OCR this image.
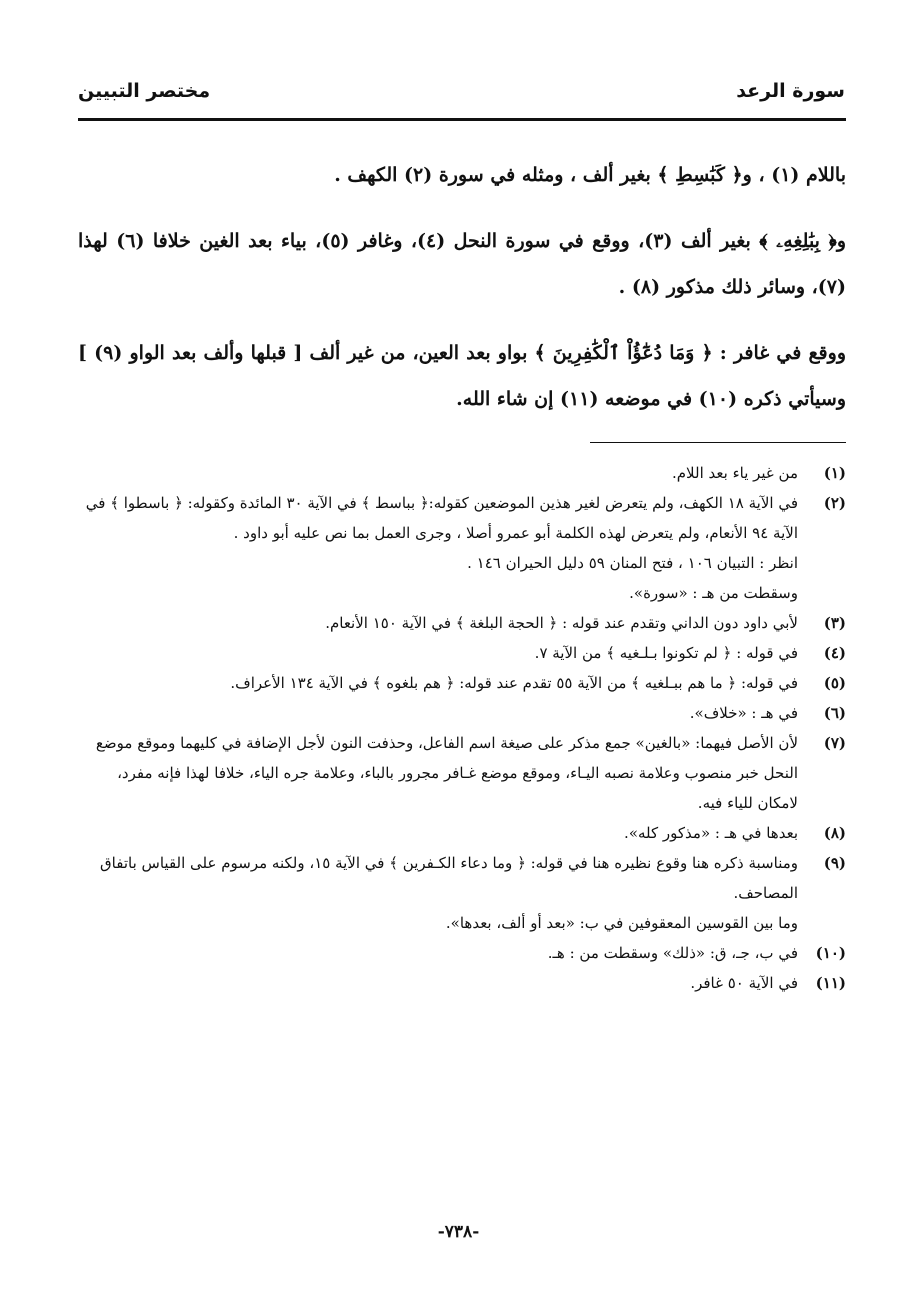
سورة الرعد
مختصر التبيين

باللام (١) ، و﴿ كَبَٰسِطِ ﴾ بغير ألف ، ومثله في سورة (٢) الكهف .

و﴿ بِبَٰلِغِهِۦ ﴾ بغير ألف (٣)، ووقع في سورة النحل (٤)، وغافر (٥)، بياء بعد الغين خلافا (٦) لهذا (٧)، وسائر ذلك مذكور (٨) .

ووقع في غافر : ﴿ وَمَا دُعَٰٓؤُاْ ٱلْكَٰفِرِينَ ﴾ بواو بعد العين، من غير ألف [ قبلها وألف بعد الواو (٩) ] وسيأتي ذكره (١٠) في موضعه (١١) إن شاء الله.

(١)
من غير ياء بعد اللام.
(٢)
في الآية ١٨ الكهف، ولم يتعرض لغير هذين الموضعين كقوله:﴿ بباسط ﴾ في الآية ٣٠ المائدة وكقوله: ﴿ باسطوا ﴾ في الآية ٩٤ الأنعام، ولم يتعرض لهذه الكلمة أبو عمرو أصلا ، وجرى العمل بما نص عليه أبو داود .
انظر : التبيان ١٠٦ ، فتح المنان ٥٩ دليل الحيران ١٤٦ .
وسقطت من هـ : «سورة».
(٣)
لأبي داود دون الداني وتقدم عند قوله : ﴿ الحجة البلغة ﴾ في الآية ١٥٠ الأنعام.
(٤)
في قوله : ﴿ لم تكونوا بـلـغيه ﴾ من الآية ٧.
(٥)
في قوله: ﴿ ما هم ببـلغيه ﴾ من الآية ٥٥ تقدم عند قوله: ﴿ هم بلغوه ﴾ في الآية ١٣٤ الأعراف.
(٦)
في هـ : «خلاف».
(٧)
لأن الأصل فيهما: «بالغين» جمع مذكر على صيغة اسم الفاعل، وحذفت النون لأجل الإضافة في كليهما وموقع موضع النحل خبر منصوب وعلامة نصبه اليـاء، وموقع موضع غـافر مجرور بالباء، وعلامة جره الياء، خلافا لهذا فإنه مفرد، لامكان للياء فيه.
(٨)
بعدها في هـ : «مذكور كله».
(٩)
ومناسبة ذكره هنا وقوع نظيره هنا في قوله: ﴿ وما دعاء الكـفرين ﴾ في الآية ١٥، ولكنه مرسوم على القياس باتفاق المصاحف.
وما بين القوسين المعقوفين في ب: «بعد أو ألف، بعدها».
(١٠)
في ب، جـ، ق: «ذلك» وسقطت من : هـ.
(١١)
في الآية ٥٠ غافر.
-٧٣٨-
